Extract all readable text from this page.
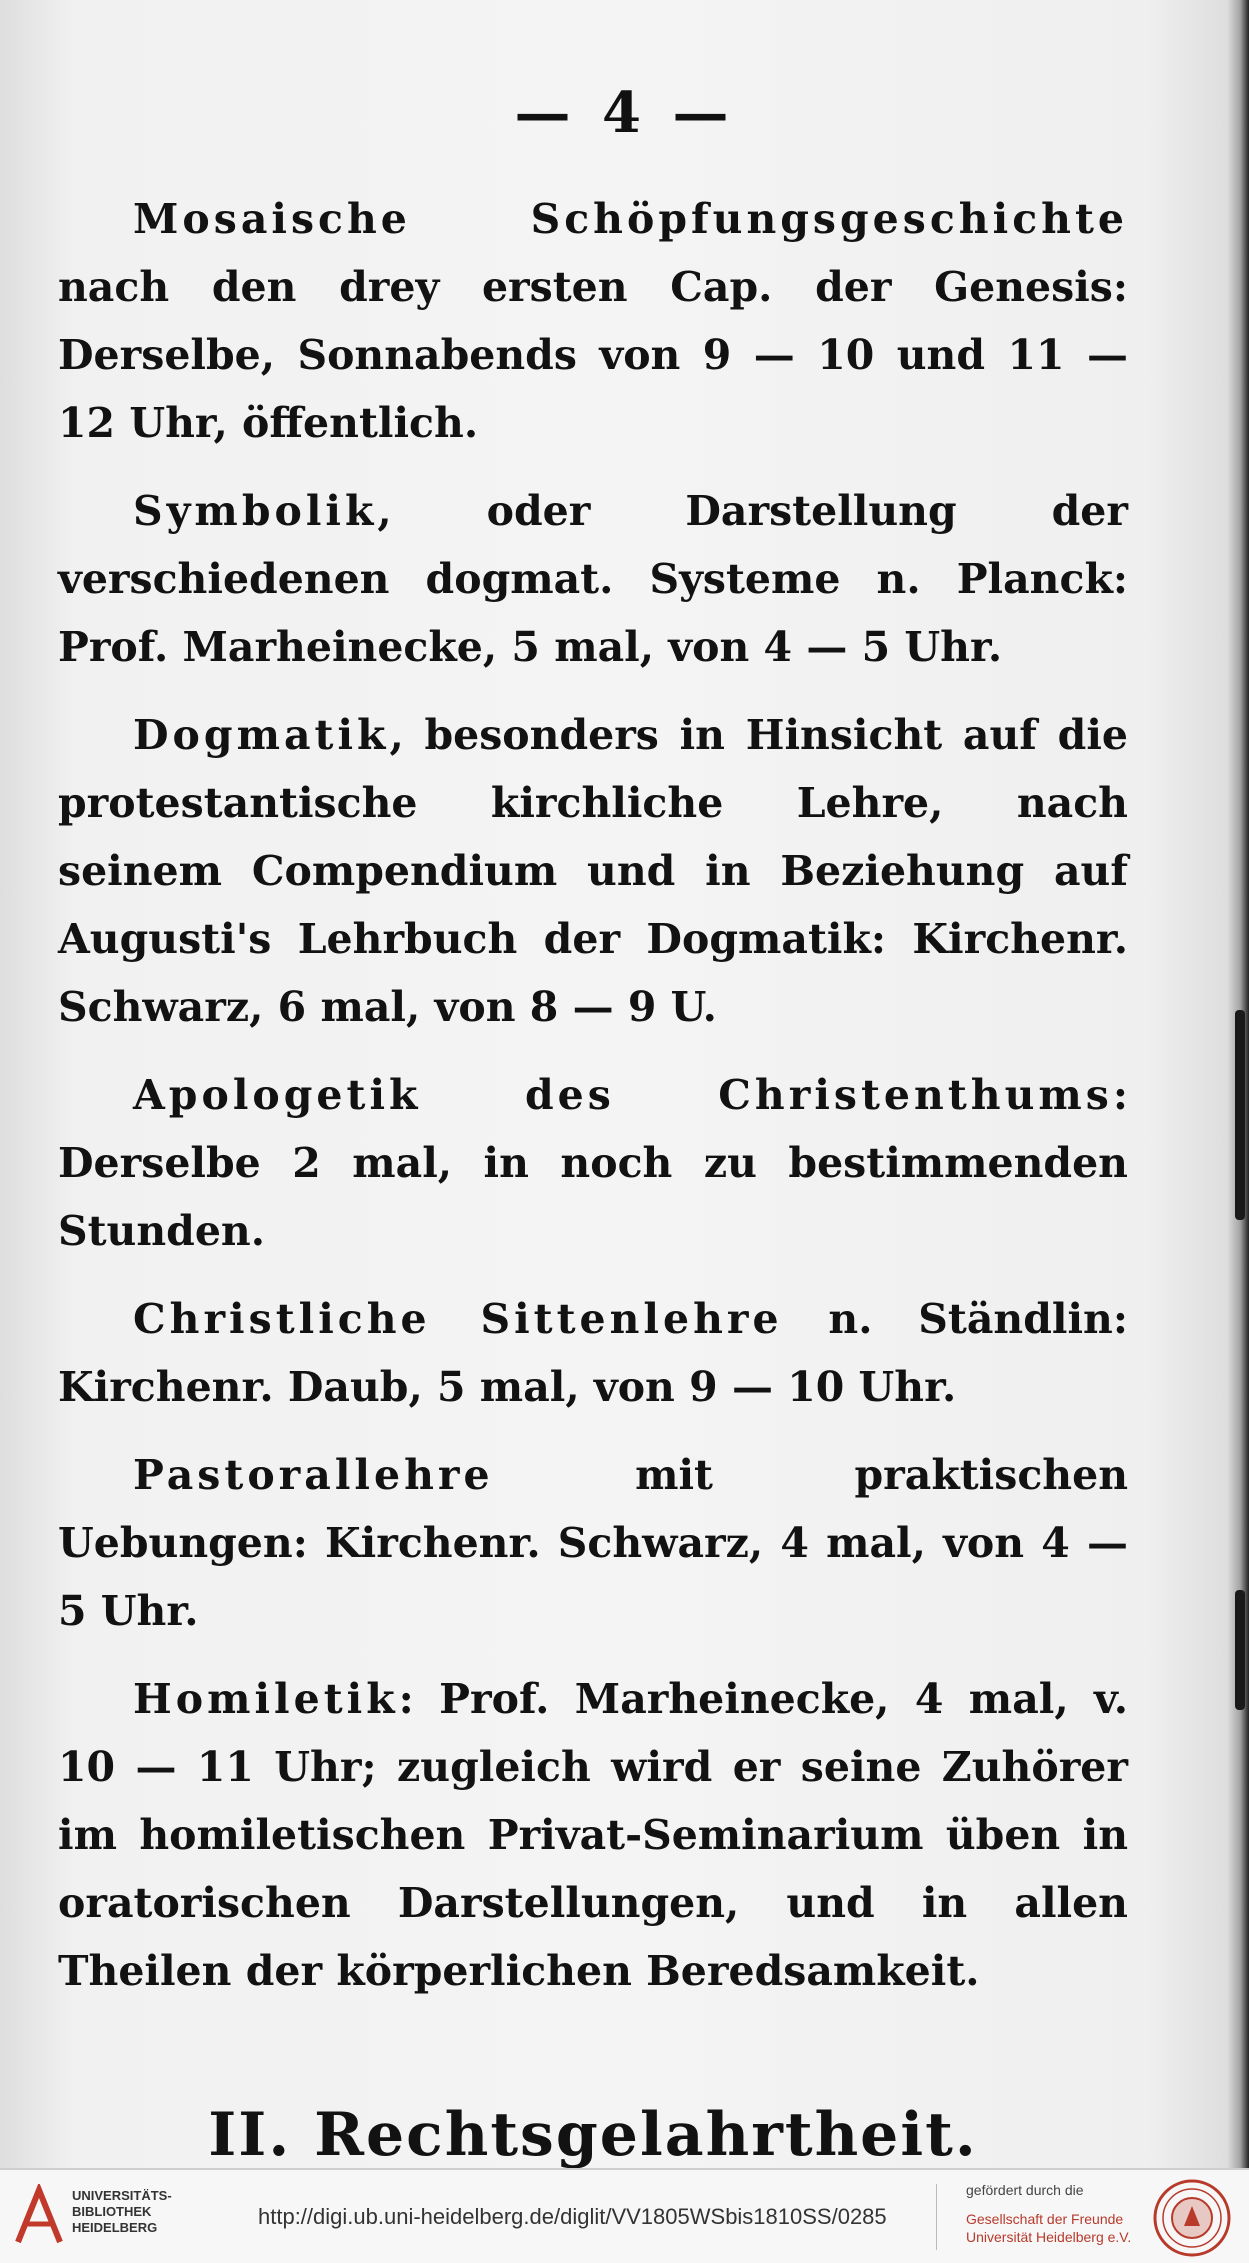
— 4 —

Mosaische Schöpfungsgeschichte nach den drey ersten Cap. der Genesis: Derselbe, Sonnabends von 9 — 10 und 11 — 12 Uhr, öffentlich.

Symbolik, oder Darstellung der verschiedenen dogmat. Systeme n. Planck: Prof. Marheinecke, 5 mal, von 4 — 5 Uhr.

Dogmatik, besonders in Hinsicht auf die protestantische kirchliche Lehre, nach seinem Compendium und in Beziehung auf Augusti's Lehrbuch der Dogmatik: Kirchenr. Schwarz, 6 mal, von 8 — 9 U.

Apologetik des Christenthums: Derselbe 2 mal, in noch zu bestimmenden Stunden.

Christliche Sittenlehre n. Ständlin: Kirchenr. Daub, 5 mal, von 9 — 10 Uhr.

Pastorallehre mit praktischen Uebungen: Kirchenr. Schwarz, 4 mal, von 4 — 5 Uhr.

Homiletik: Prof. Marheinecke, 4 mal, v. 10 — 11 Uhr; zugleich wird er seine Zuhörer im homiletischen Privat-Seminarium üben in oratorischen Darstellungen, und in allen Theilen der körperlichen Beredsamkeit.

II. Rechtsgelahrtheit.

UNIVERSITÄTS-
BIBLIOTHEK
HEIDELBERG	http://digi.ub.uni-heidelberg.de/diglit/VV1805WSbis1810SS/0285
gefördert durch die
Gesellschaft der Freunde
Universität Heidelberg e.V.
